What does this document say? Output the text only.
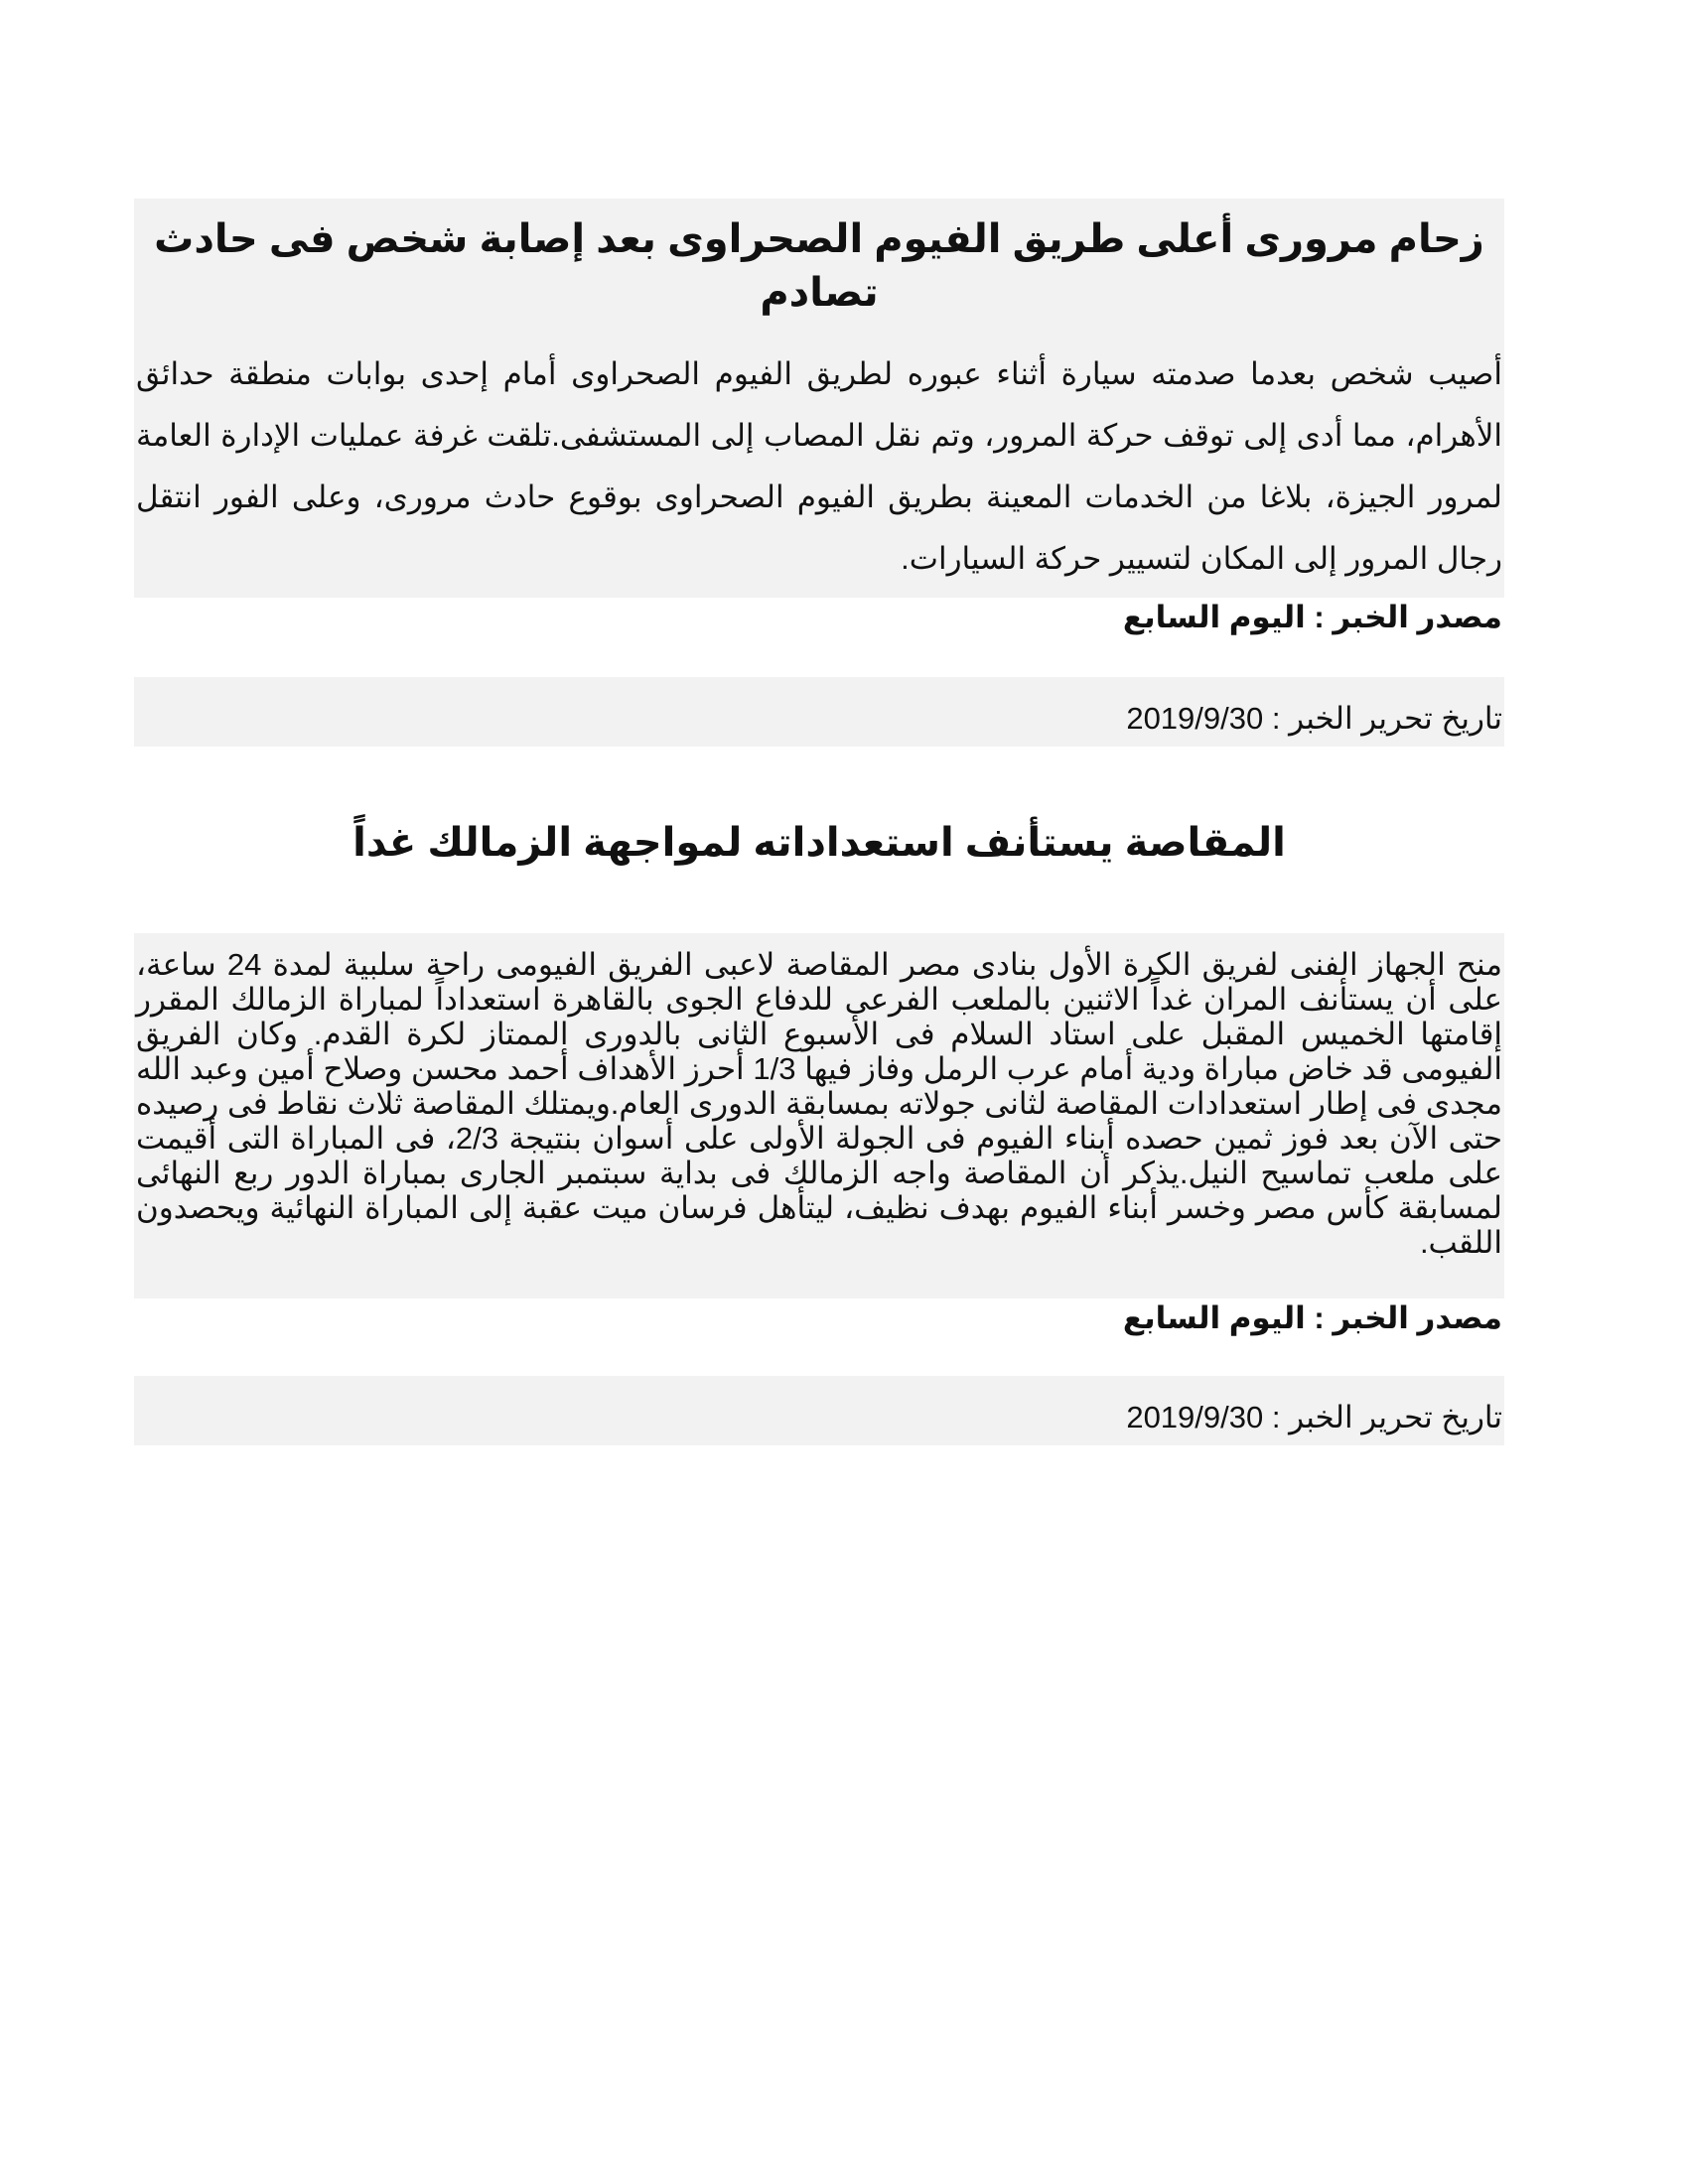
زحام مرورى أعلى طريق الفيوم الصحراوى بعد إصابة شخص فى حادث تصادم

أصيب شخص بعدما صدمته سيارة أثناء عبوره لطريق الفيوم الصحراوى أمام إحدى بوابات منطقة حدائق الأهرام، مما أدى إلى توقف حركة المرور، وتم نقل المصاب إلى المستشفى.تلقت غرفة عمليات الإدارة العامة لمرور الجيزة، بلاغا من الخدمات المعينة بطريق الفيوم الصحراوى بوقوع حادث مرورى، وعلى الفور انتقل رجال المرور إلى المكان لتسيير حركة السيارات.

مصدر الخبر : اليوم السابع

تاريخ تحرير الخبر : 2019/9/30

المقاصة يستأنف استعداداته لمواجهة الزمالك غداً

منح الجهاز الفنى لفريق الكرة الأول بنادى مصر المقاصة لاعبى الفريق الفيومى راحة سلبية لمدة 24 ساعة، على أن يستأنف المران غداً الاثنين بالملعب الفرعى للدفاع الجوى بالقاهرة استعداداً لمباراة الزمالك المقرر إقامتها الخميس المقبل على استاد السلام فى الأسبوع الثانى بالدورى الممتاز لكرة القدم. وكان الفريق الفيومى قد خاض مباراة ودية أمام عرب الرمل وفاز فيها 1/3 أحرز الأهداف أحمد محسن وصلاح أمين وعبد الله مجدى فى إطار استعدادات المقاصة لثانى جولاته بمسابقة الدورى العام.ويمتلك المقاصة ثلاث نقاط فى رصيده حتى الآن بعد فوز ثمين حصده أبناء الفيوم فى الجولة الأولى على أسوان بنتيجة 2/3، فى المباراة التى أقيمت على ملعب تماسيح النيل.يذكر أن المقاصة واجه الزمالك فى بداية سبتمبر الجارى بمباراة الدور ربع النهائى لمسابقة كأس مصر وخسر أبناء الفيوم بهدف نظيف، ليتأهل فرسان ميت عقبة إلى المباراة النهائية ويحصدون اللقب.

مصدر الخبر : اليوم السابع

تاريخ تحرير الخبر : 2019/9/30
